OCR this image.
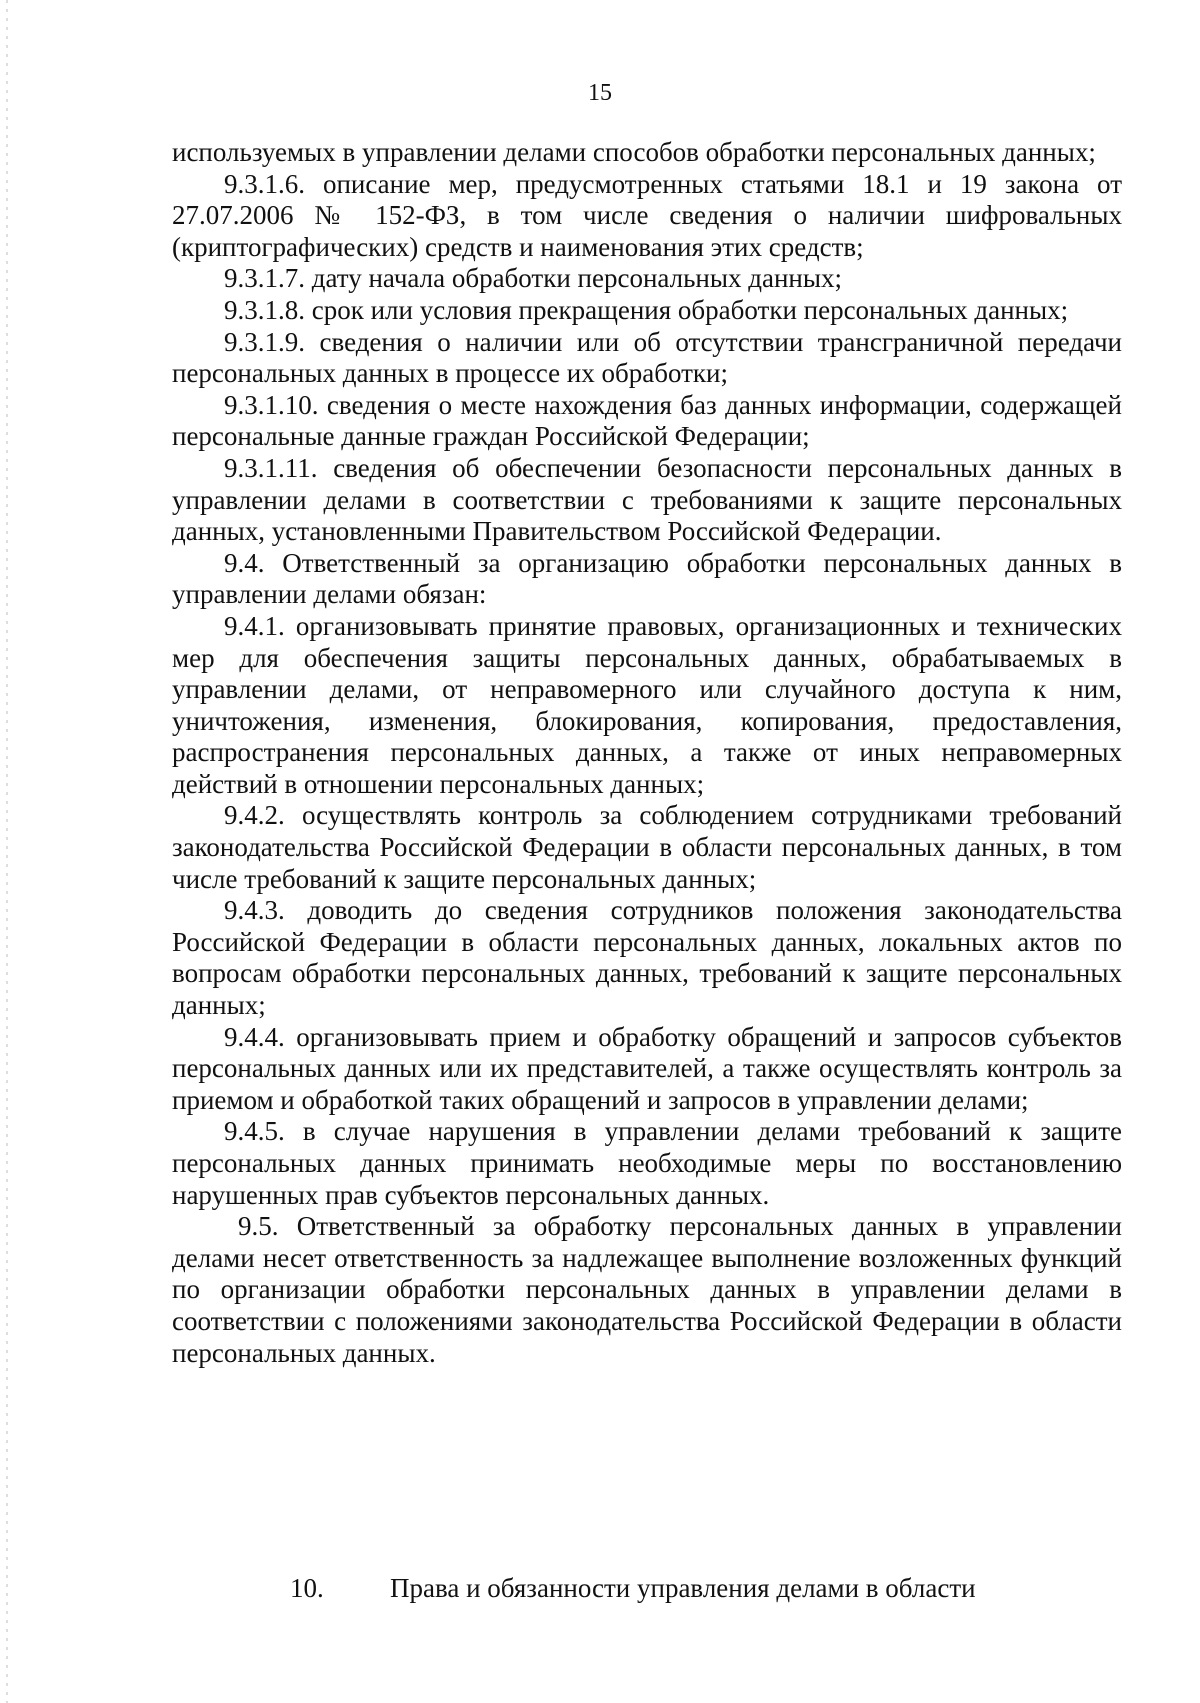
15

используемых в управлении делами способов обработки персональных данных;

9.3.1.6. описание мер, предусмотренных статьями 18.1 и 19 закона от 27.07.2006 № 152-ФЗ, в том числе сведения о наличии шифровальных (криптографических) средств и наименования этих средств;

9.3.1.7. дату начала обработки персональных данных;

9.3.1.8. срок или условия прекращения обработки персональных данных;

9.3.1.9. сведения о наличии или об отсутствии трансграничной передачи персональных данных в процессе их обработки;

9.3.1.10. сведения о месте нахождения баз данных информации, содержащей персональные данные граждан Российской Федерации;

9.3.1.11. сведения об обеспечении безопасности персональных данных в управлении делами в соответствии с требованиями к защите персональных данных, установленными Правительством Российской Федерации.

9.4. Ответственный за организацию обработки персональных данных в управлении делами обязан:

9.4.1. организовывать принятие правовых, организационных и технических мер для обеспечения защиты персональных данных, обрабатываемых в управлении делами, от неправомерного или случайного доступа к ним, уничтожения, изменения, блокирования, копирования, предоставления, распространения персональных данных, а также от иных неправомерных действий в отношении персональных данных;

9.4.2. осуществлять контроль за соблюдением сотрудниками требований законодательства Российской Федерации в области персональных данных, в том числе требований к защите персональных данных;

9.4.3. доводить до сведения сотрудников положения законодательства Российской Федерации в области персональных данных, локальных актов по вопросам обработки персональных данных, требований к защите персональных данных;

9.4.4. организовывать прием и обработку обращений и запросов субъектов персональных данных или их представителей, а также осуществлять контроль за приемом и обработкой таких обращений и запросов в управлении делами;

9.4.5. в случае нарушения в управлении делами требований к защите персональных данных принимать необходимые меры по восстановлению нарушенных прав субъектов персональных данных.

9.5. Ответственный за обработку персональных данных в управлении делами несет ответственность за надлежащее выполнение возложенных функций по организации обработки персональных данных в управлении делами в соответствии с положениями законодательства Российской Федерации в области персональных данных.

10. Права и обязанности управления делами в области
